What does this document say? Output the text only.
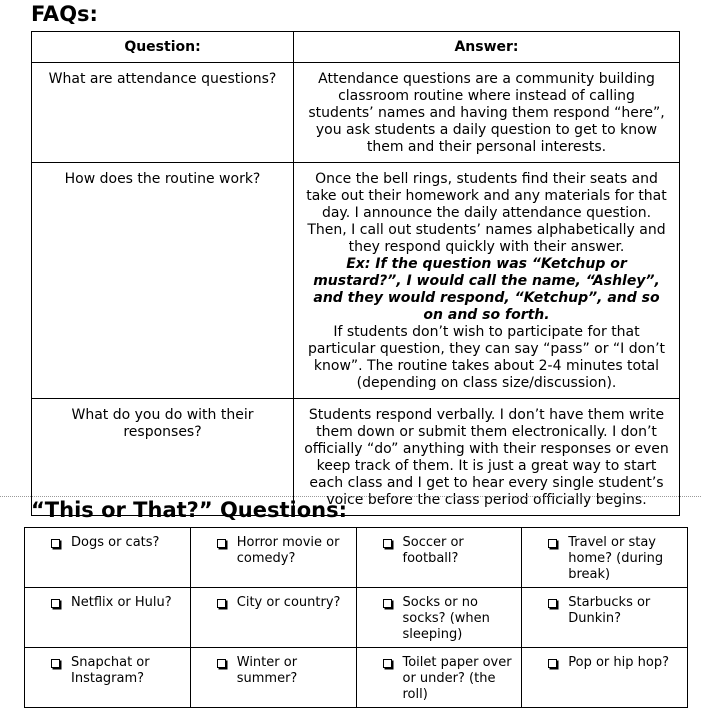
FAQs:
Question:	Answer:
What are attendance questions?	Attendance questions are a community building classroom routine where instead of calling students’ names and having them respond “here”, you ask students a daily question to get to know them and their personal interests.
How does the routine work?	Once the bell rings, students find their seats and take out their homework and any materials for that day. I announce the daily attendance question. Then, I call out students’ names alphabetically and they respond quickly with their answer.
Ex: If the question was “Ketchup or mustard?”, I would call the name, “Ashley”, and they would respond, “Ketchup”, and so on and so forth.
If students don’t wish to participate for that particular question, they can say “pass” or “I don’t know”. The routine takes about 2-4 minutes total (depending on class size/discussion).
What do you do with their responses?	Students respond verbally. I don’t have them write them down or submit them electronically. I don’t officially “do” anything with their responses or even keep track of them. It is just a great way to start each class and I get to hear every single student’s voice before the class period officially begins.
“This or That?” Questions:
Dogs or cats?	Horror movie or comedy?	Soccer or football?	Travel or stay home? (during break)

Netflix or Hulu?	City or country?	Socks or no socks? (when sleeping)	Starbucks or Dunkin?

Snapchat or Instagram?	Winter or summer?	Toilet paper over or under? (the roll)	Pop or hip hop?
